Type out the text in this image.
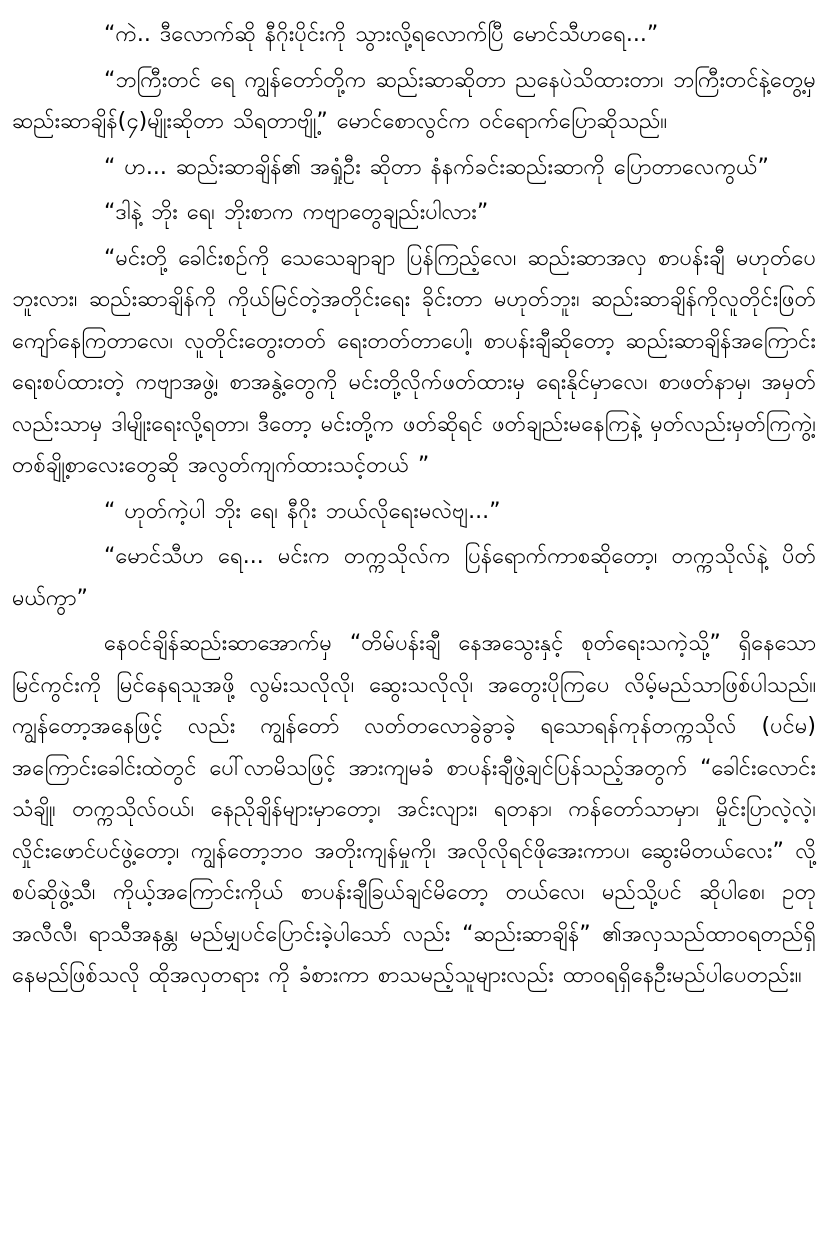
“ကဲ.. ဒီလောက်ဆို နီဂိုးပိုင်းကို သွားလို့ရလောက်ပြီ မောင်သီဟရေ...”

“ဘကြီးတင် ရေ ကျွန်တော်တို့က ဆည်းဆာဆိုတာ ညနေပဲသိထားတာ၊ ဘကြီးတင်နဲ့တွေ့မှ ဆည်းဆာချိန်(၄)မျိုးဆိုတာ သိရတာဗျို့” မောင်စောလွင်က ဝင်ရောက်ပြောဆိုသည်။

“ ဟ... ဆည်းဆာချိန်၏ အရှုံဦး ဆိုတာ နံနက်ခင်းဆည်းဆာကို ပြောတာလေကွယ်”

“ဒါနဲ့ ဘိုး ရေ၊ ဘိုးစာက ကဗျာတွေချည်းပါလား”

“မင်းတို့ ခေါင်းစဉ်ကို သေသေချာချာ ပြန်ကြည့်လေ၊ ဆည်းဆာအလှ စာပန်းချီ မဟုတ်ပေဘူးလား၊ ဆည်းဆာချိန်ကို ကိုယ်မြင်တဲ့အတိုင်းရေး ခိုင်းတာ မဟုတ်ဘူး၊ ဆည်းဆာချိန်ကိုလူတိုင်းဖြတ်ကျော်နေကြတာလေ၊ လူတိုင်းတွေးတတ် ရေးတတ်တာပေါ့၊ စာပန်းချီဆိုတော့ ဆည်းဆာချိန်အကြောင်း ရေးစပ်ထားတဲ့ ကဗျာအဖွဲ့၊ စာအနွဲ့တွေကို မင်းတို့လိုက်ဖတ်ထားမှ ရေးနိုင်မှာလေ၊ စာဖတ်နာမှ၊ အမှတ် လည်းသာမှ ဒါမျိုးရေးလို့ရတာ၊ ဒီတော့ မင်းတို့က ဖတ်ဆိုရင် ဖတ်ချည်းမနေကြနဲ့ မှတ်လည်းမှတ်ကြကွဲ့၊ တစ်ချို့စာလေးတွေဆို အလွတ်ကျက်ထားသင့်တယ် ”

“ ဟုတ်ကဲ့ပါ ဘိုး ရေ၊ နီဂိုး ဘယ်လိုရေးမလဲဗျ...”

“မောင်သီဟ ရေ... မင်းက တက္ကသိုလ်က ပြန်ရောက်ကာစဆိုတော့၊ တက္ကသိုလ်နဲ့ ပိတ်မယ်ကွာ”

နေဝင်ချိန်ဆည်းဆာအောက်မှ “တိမ်ပန်းချီ နေအသွေးနှင့် စုတ်ရေးသကဲ့သို့” ရှိနေသောမြင်ကွင်းကို မြင်နေရသူအဖို့ လွမ်းသလိုလို၊ ဆွေးသလိုလို၊ အတွေးပိုကြပေ လိမ့်မည်သာဖြစ်ပါသည်။ ကျွန်တော့အနေဖြင့် လည်း ကျွန်တော် လတ်တလောခွဲခွာခဲ့ ရသောရန်ကုန်တက္ကသိုလ် (ပင်မ) အကြောင်းခေါင်းထဲတွင် ပေါ်လာမိသဖြင့် အားကျမခံ စာပန်းချီဖွဲ့ချင်ပြန်သည့်အတွက် “ခေါင်းလောင်းသံချို၊ တက္ကသိုလ်ဝယ်၊ နေညိုချိန်များမှာတော့၊ အင်းလျား၊ ရတနာ၊ ကန်တော်သာမှာ၊ မှိုင်းပြာလဲ့လဲ့၊ လှိုင်းဖောင်ပင်ဖွဲ့တော့၊ ကျွန်တော့ဘဝ အတိုးကျန်မှုကို၊ အလိုလိုရင်ဖိုအေးကာပ၊ ဆွေးမိတယ်လေး” လို့ စပ်ဆိုဖွဲ့သီ၊ ကိုယ့်အကြောင်းကိုယ် စာပန်းချီခြယ်ချင်မိတော့ တယ်လေ၊ မည်သို့ပင် ဆိုပါစေ၊ ဥတုအလီလီ၊ ရာသီအနန္တ၊ မည်မျှပင်ပြောင်းခဲ့ပါသော် လည်း “ဆည်းဆာချိန်” ၏အလှသည်ထာဝရတည်ရှိနေမည်ဖြစ်သလို ထိုအလှတရား ကို ခံစားကာ စာသမည့်သူများလည်း ထာဝရရှိနေဦးမည်ပါပေတည်း။
